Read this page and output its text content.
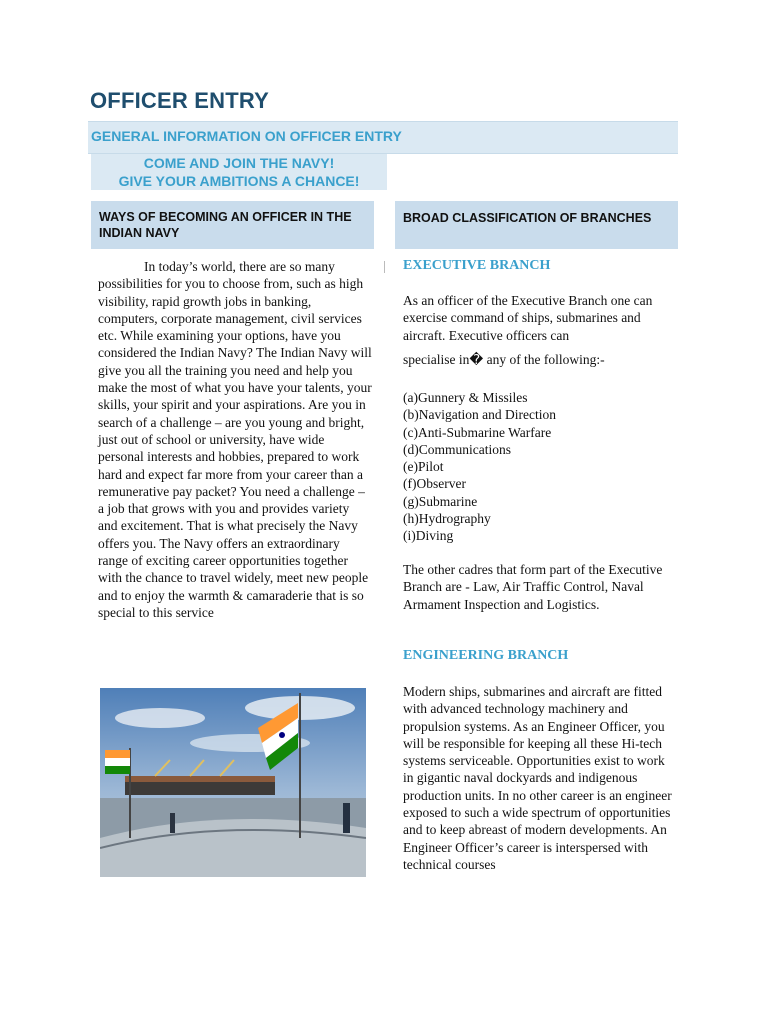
OFFICER ENTRY
GENERAL INFORMATION ON OFFICER ENTRY
COME AND JOIN THE NAVY!
GIVE YOUR AMBITIONS A CHANCE!
WAYS OF BECOMING AN OFFICER IN THE INDIAN NAVY
BROAD CLASSIFICATION OF BRANCHES

In today’s world, there are so many possibilities for you to choose from, such as high visibility, rapid growth jobs in banking, computers, corporate management, civil services etc. While examining your options, have you considered the Indian Navy? The Indian Navy will give you all the training you need and help you make the most of what you have your talents, your skills, your spirit and your aspirations. Are you in search of a challenge – are you young and bright, just out of school or university, have wide personal interests and hobbies, prepared to work hard and expect far more from your career than a remunerative pay packet? You need a challenge – a job that grows with you and provides variety and excitement. That is what precisely the Navy offers you. The Navy offers an extraordinary range of exciting career opportunities together with the chance to travel widely, meet new people and to enjoy the warmth & camaraderie that is so special to this service

EXECUTIVE BRANCH

As an officer of the Executive Branch one can exercise command of ships, submarines and aircraft. Executive officers can

specialise in� any of the following:-

(a)Gunnery & Missiles
(b)Navigation and Direction
(c)Anti-Submarine Warfare
(d)Communications
(e)Pilot
(f)Observer
(g)Submarine
(h)Hydrography
(i)Diving

The other cadres that form part of the Executive Branch are - Law, Air Traffic Control, Naval Armament Inspection and Logistics.

ENGINEERING BRANCH

Modern ships, submarines and aircraft are fitted with advanced technology machinery and propulsion systems. As an Engineer Officer, you will be responsible for keeping all these Hi-tech systems serviceable. Opportunities exist to work in gigantic naval dockyards and indigenous production units. In no other career is an engineer exposed to such a wide spectrum of opportunities and to keep abreast of modern developments. An Engineer Officer’s career is interspersed with technical courses
